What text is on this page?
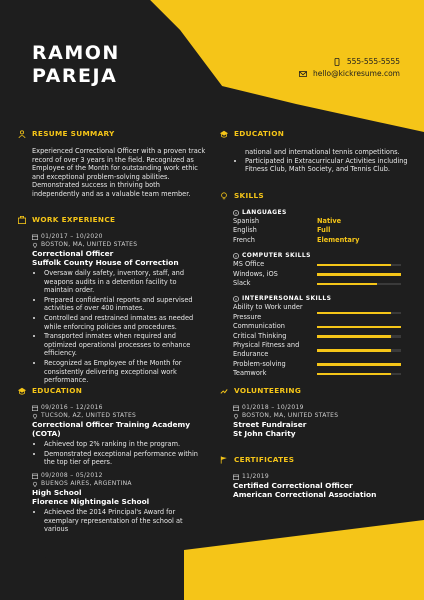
RAMON
PAREJA
555-555-5555
hello@kickresume.com
RESUME SUMMARY
Experienced Correctional Officer with a proven track record of over 3 years in the field. Recognized as Employee of the Month for outstanding work ethic and exceptional problem-solving abilities. Demonstrated success in thriving both independently and as a valuable team member.
WORK EXPERIENCE
01/2017 – 10/2020
BOSTON, MA, UNITED STATES
Correctional Officer
Suffolk County House of Correction
• Oversaw daily safety, inventory, staff, and weapons audits in a detention facility to maintain order.
• Prepared confidential reports and supervised activities of over 400 inmates.
• Controlled and restrained inmates as needed while enforcing policies and procedures.
• Transported inmates when required and optimized operational processes to enhance efficiency.
• Recognized as Employee of the Month for consistently delivering exceptional work performance.
EDUCATION
09/2016 – 12/2016
TUCSON, AZ, UNITED STATES
Correctional Officer Training Academy (COTA)
• Achieved top 2% ranking in the program.
• Demonstrated exceptional performance within the top tier of peers.
09/2008 – 05/2012
BUENOS AIRES, ARGENTINA
High School
Florence Nightingale School
• Achieved the 2014 Principal's Award for exemplary representation of the school at various
EDUCATION
national and international tennis competitions.
• Participated in Extracurricular Activities including Fitness Club, Math Society, and Tennis Club.
SKILLS
LANGUAGES
Spanish	Native
English	Full
French	Elementary
COMPUTER SKILLS
MS Office
Windows, iOS
Slack
INTERPERSONAL SKILLS
Ability to Work under Pressure
Communication
Critical Thinking
Physical Fitness and Endurance
Problem-solving
Teamwork
VOLUNTEERING
01/2018 – 10/2019
BOSTON, MA, UNITED STATES
Street Fundraiser
St John Charity
CERTIFICATES
11/2019
Certified Correctional Officer
American Correctional Association
